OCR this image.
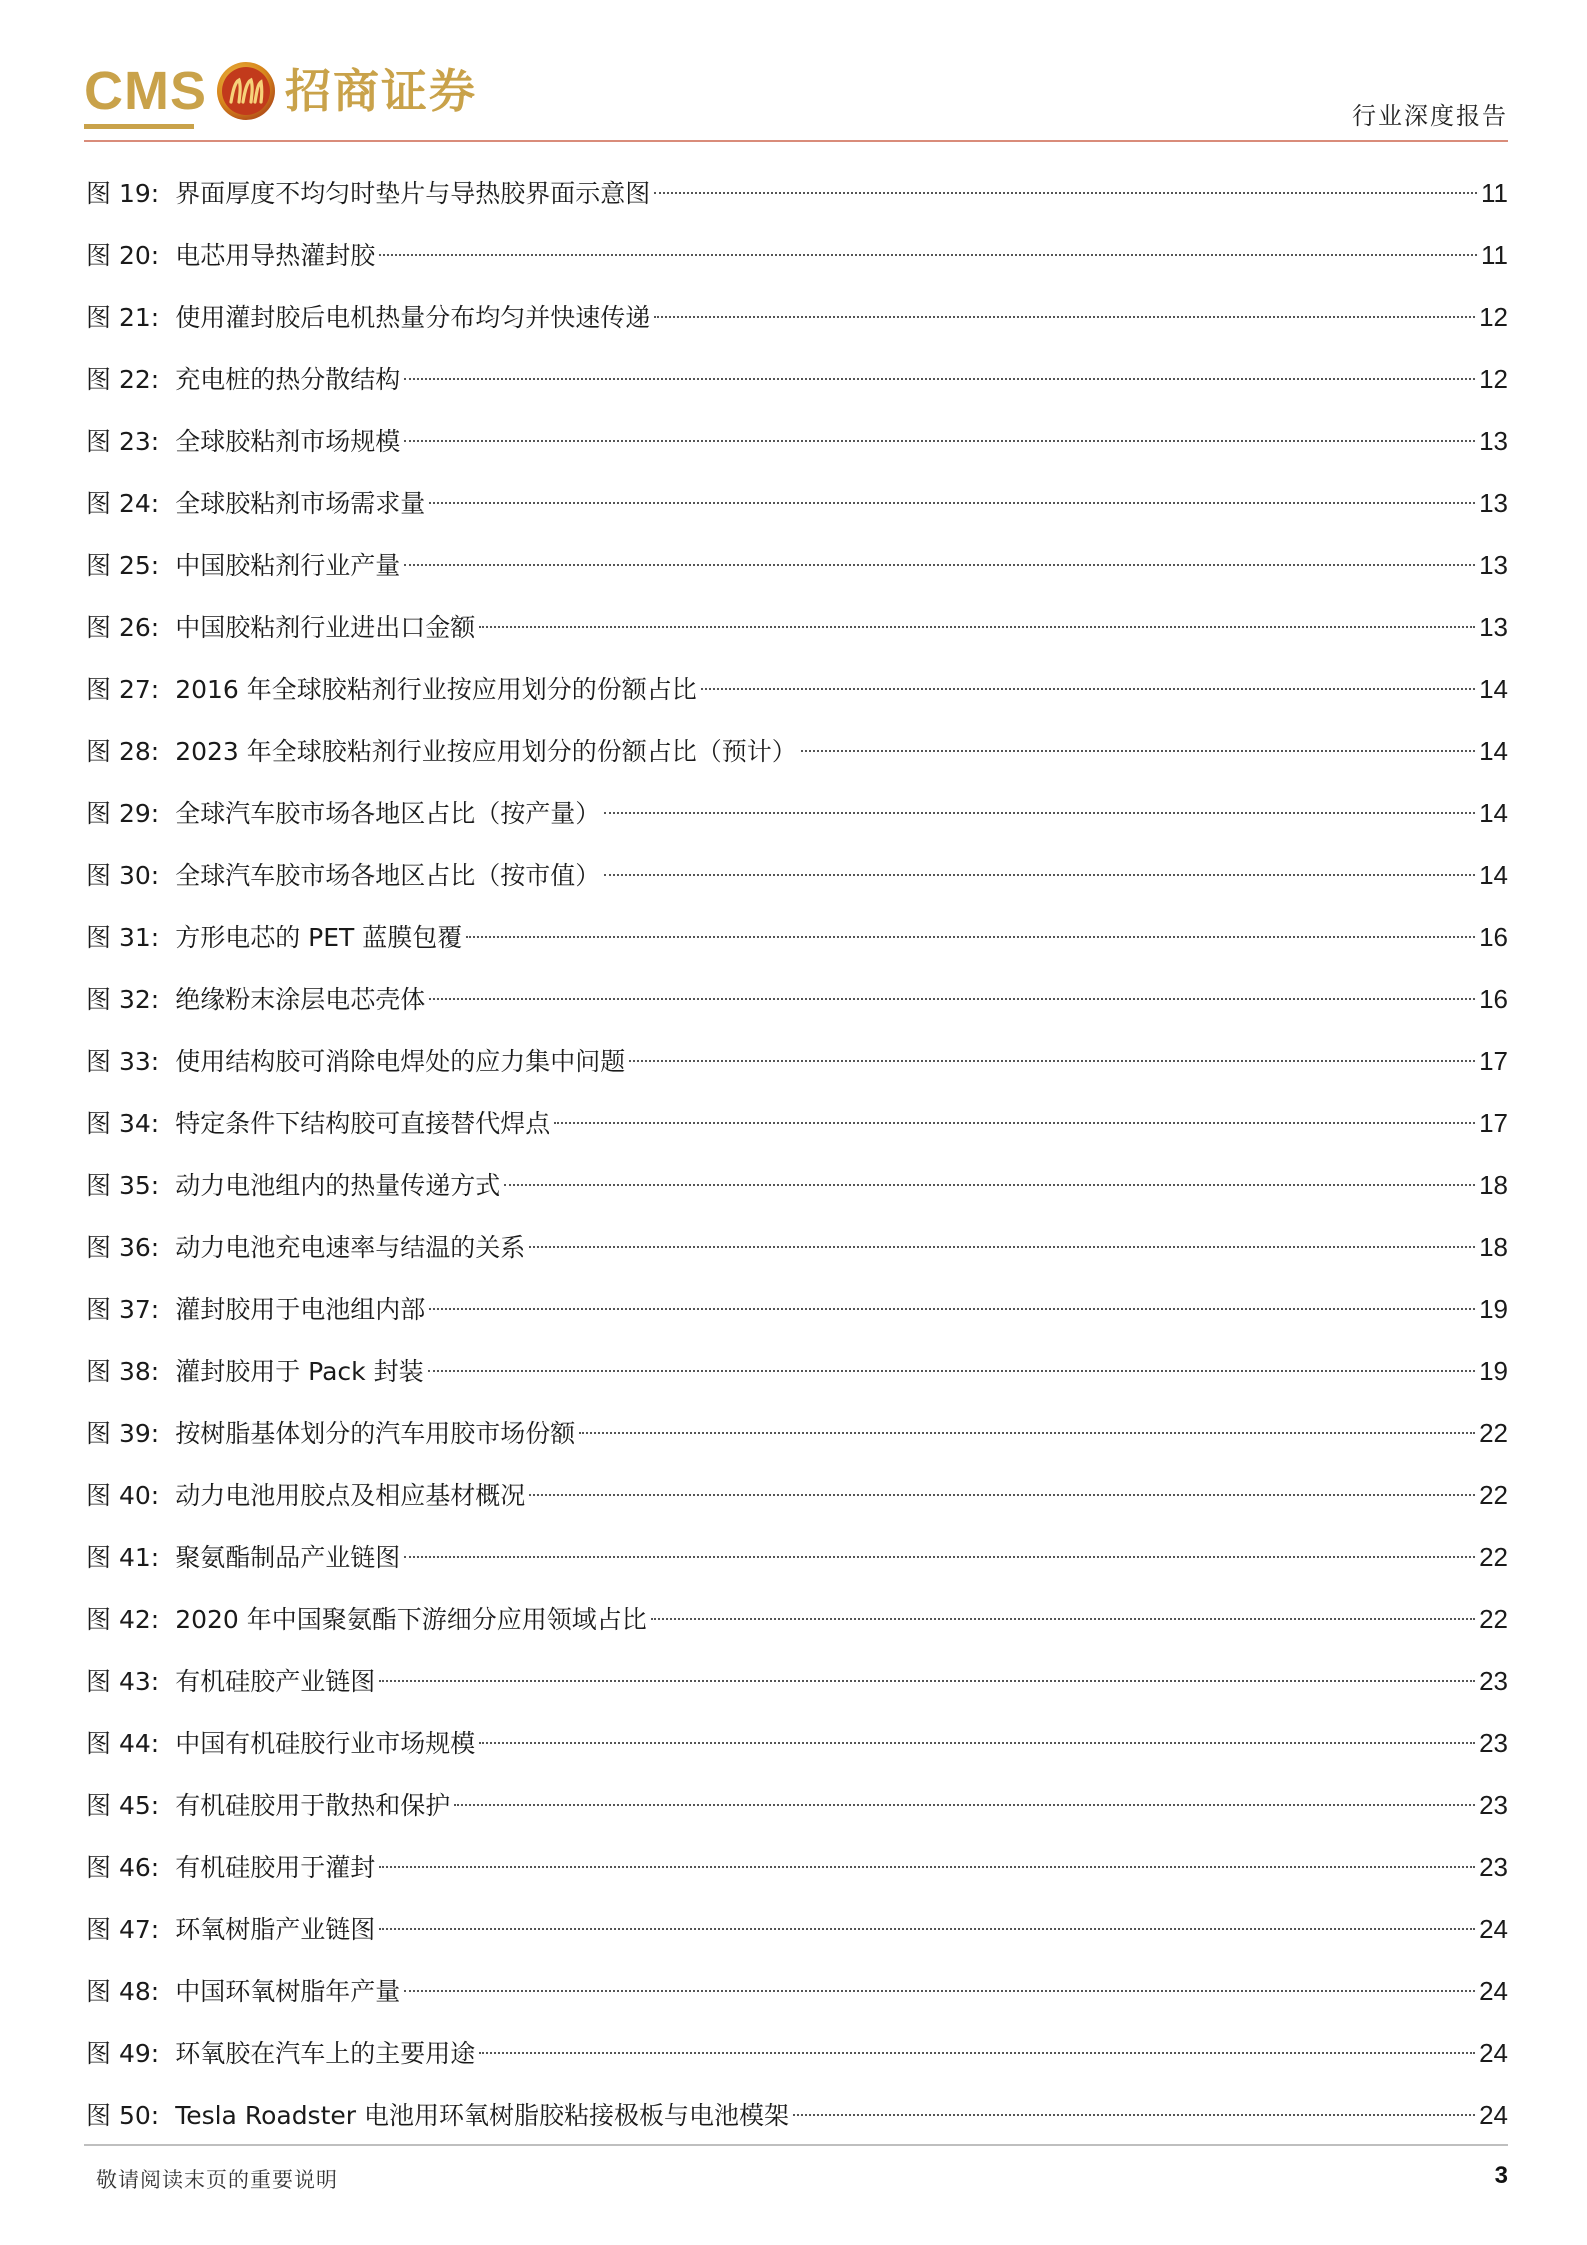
CMS 招商证券	行业深度报告
图 19: 界面厚度不均匀时垫片与导热胶界面示意图	11
图 20: 电芯用导热灌封胶	11
图 21: 使用灌封胶后电机热量分布均匀并快速传递	12
图 22: 充电桩的热分散结构	12
图 23: 全球胶粘剂市场规模	13
图 24: 全球胶粘剂市场需求量	13
图 25: 中国胶粘剂行业产量	13
图 26: 中国胶粘剂行业进出口金额	13
图 27: 2016 年全球胶粘剂行业按应用划分的份额占比	14
图 28: 2023 年全球胶粘剂行业按应用划分的份额占比（预计）	14
图 29: 全球汽车胶市场各地区占比（按产量）	14
图 30: 全球汽车胶市场各地区占比（按市值）	14
图 31: 方形电芯的 PET 蓝膜包覆	16
图 32: 绝缘粉末涂层电芯壳体	16
图 33: 使用结构胶可消除电焊处的应力集中问题	17
图 34: 特定条件下结构胶可直接替代焊点	17
图 35: 动力电池组内的热量传递方式	18
图 36: 动力电池充电速率与结温的关系	18
图 37: 灌封胶用于电池组内部	19
图 38: 灌封胶用于 Pack 封装	19
图 39: 按树脂基体划分的汽车用胶市场份额	22
图 40: 动力电池用胶点及相应基材概况	22
图 41: 聚氨酯制品产业链图	22
图 42: 2020 年中国聚氨酯下游细分应用领域占比	22
图 43: 有机硅胶产业链图	23
图 44: 中国有机硅胶行业市场规模	23
图 45: 有机硅胶用于散热和保护	23
图 46: 有机硅胶用于灌封	23
图 47: 环氧树脂产业链图	24
图 48: 中国环氧树脂年产量	24
图 49: 环氧胶在汽车上的主要用途	24
图 50: Tesla Roadster 电池用环氧树脂胶粘接极板与电池模架	24
敬请阅读末页的重要说明	3
